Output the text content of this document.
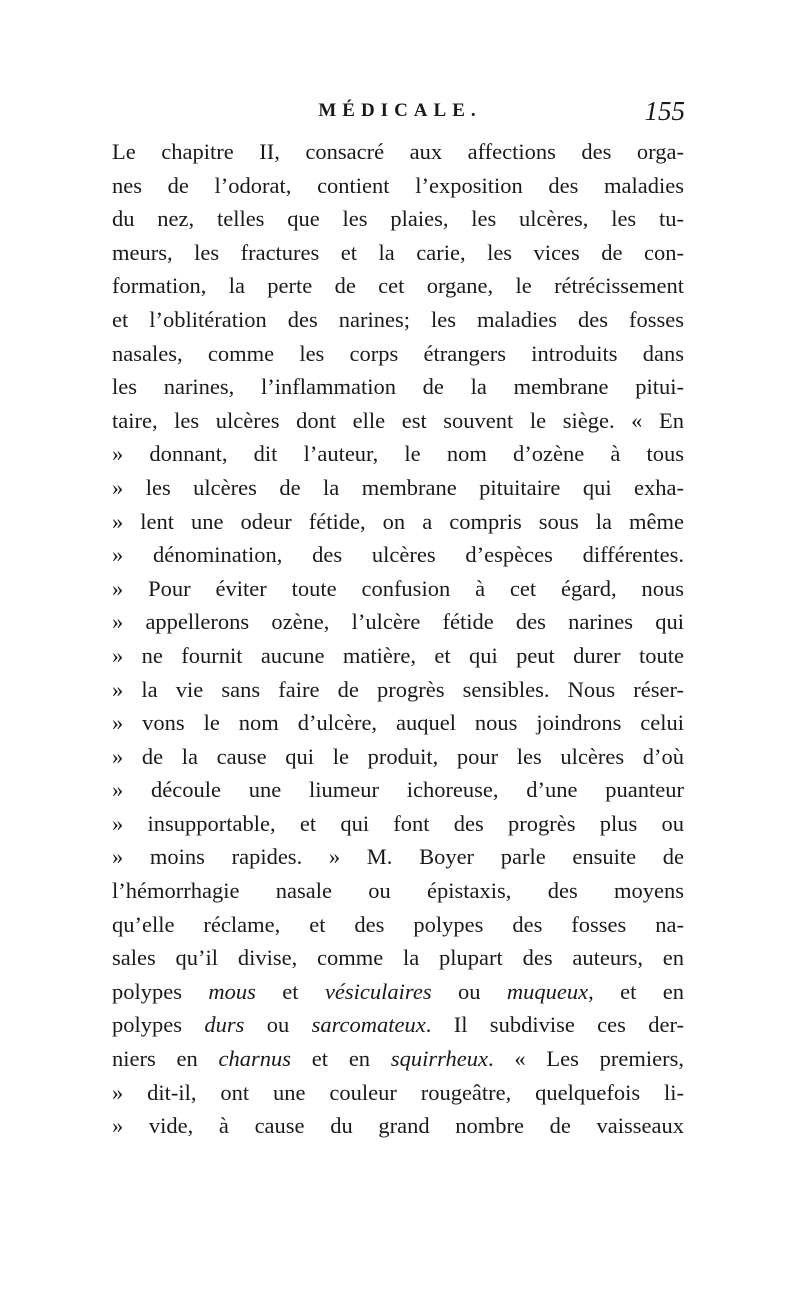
MÉDICALE.	155
Le chapitre II, consacré aux affections des orga-
nes de l’odorat, contient l’exposition des maladies
du nez, telles que les plaies, les ulcères, les tu-
meurs, les fractures et la carie, les vices de con-
formation, la perte de cet organe, le rétrécissement
et l’oblitération des narines; les maladies des fosses
nasales, comme les corps étrangers introduits dans
les narines, l’inflammation de la membrane pitui-
taire, les ulcères dont elle est souvent le siège. « En
» donnant, dit l’auteur, le nom d’ozène à tous
» les ulcères de la membrane pituitaire qui exha-
» lent une odeur fétide, on a compris sous la même
» dénomination, des ulcères d’espèces différentes.
» Pour éviter toute confusion à cet égard, nous
» appellerons ozène, l’ulcère fétide des narines qui
» ne fournit aucune matière, et qui peut durer toute
» la vie sans faire de progrès sensibles. Nous réser-
» vons le nom d’ulcère, auquel nous joindrons celui
» de la cause qui le produit, pour les ulcères d’où
» découle une liumeur ichoreuse, d’une puanteur
» insupportable, et qui font des progrès plus ou
» moins rapides. » M. Boyer parle ensuite de
l’hémorrhagie nasale ou épistaxis, des moyens
qu’elle réclame, et des polypes des fosses na-
sales qu’il divise, comme la plupart des auteurs, en
polypes mous et vésiculaires ou muqueux, et en
polypes durs ou sarcomateux. Il subdivise ces der-
niers en charnus et en squirrheux. « Les premiers,
» dit-il, ont une couleur rougeâtre, quelquefois li-
» vide, à cause du grand nombre de vaisseaux
